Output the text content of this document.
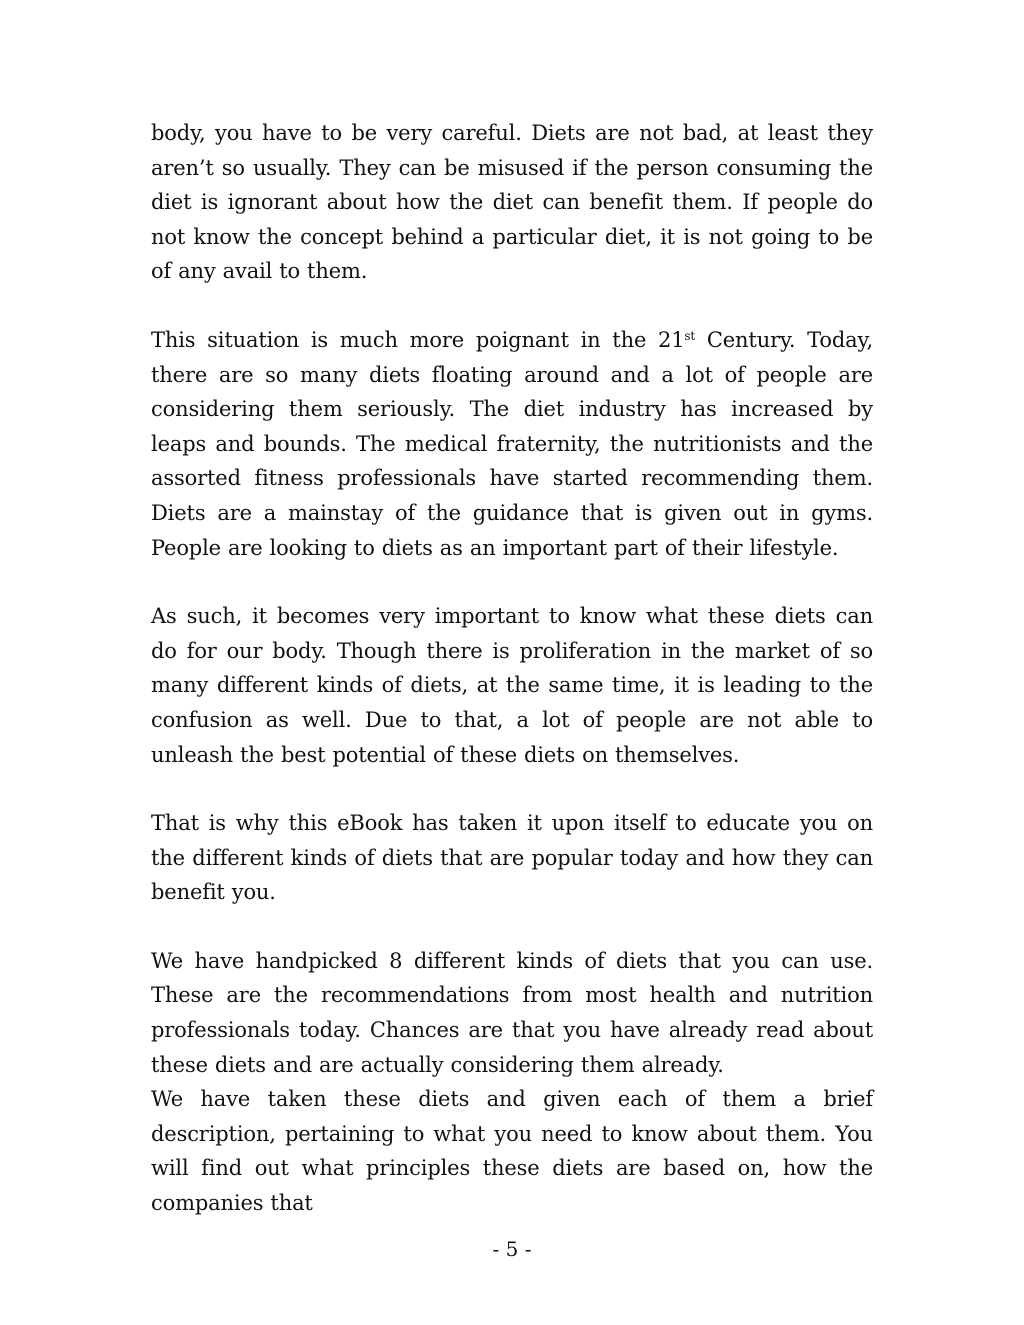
body, you have to be very careful. Diets are not bad, at least they aren’t so usually. They can be misused if the person consuming the diet is ignorant about how the diet can benefit them. If people do not know the concept behind a particular diet, it is not going to be of any avail to them.

This situation is much more poignant in the 21st Century. Today, there are so many diets floating around and a lot of people are considering them seriously. The diet industry has increased by leaps and bounds. The medical fraternity, the nutritionists and the assorted fitness professionals have started recommending them. Diets are a mainstay of the guidance that is given out in gyms. People are looking to diets as an important part of their lifestyle.

As such, it becomes very important to know what these diets can do for our body. Though there is proliferation in the market of so many different kinds of diets, at the same time, it is leading to the confusion as well. Due to that, a lot of people are not able to unleash the best potential of these diets on themselves.

That is why this eBook has taken it upon itself to educate you on the different kinds of diets that are popular today and how they can benefit you.

We have handpicked 8 different kinds of diets that you can use. These are the recommendations from most health and nutrition professionals today. Chances are that you have already read about these diets and are actually considering them already.

We have taken these diets and given each of them a brief description, pertaining to what you need to know about them. You will find out what principles these diets are based on, how the companies that

- 5 -
